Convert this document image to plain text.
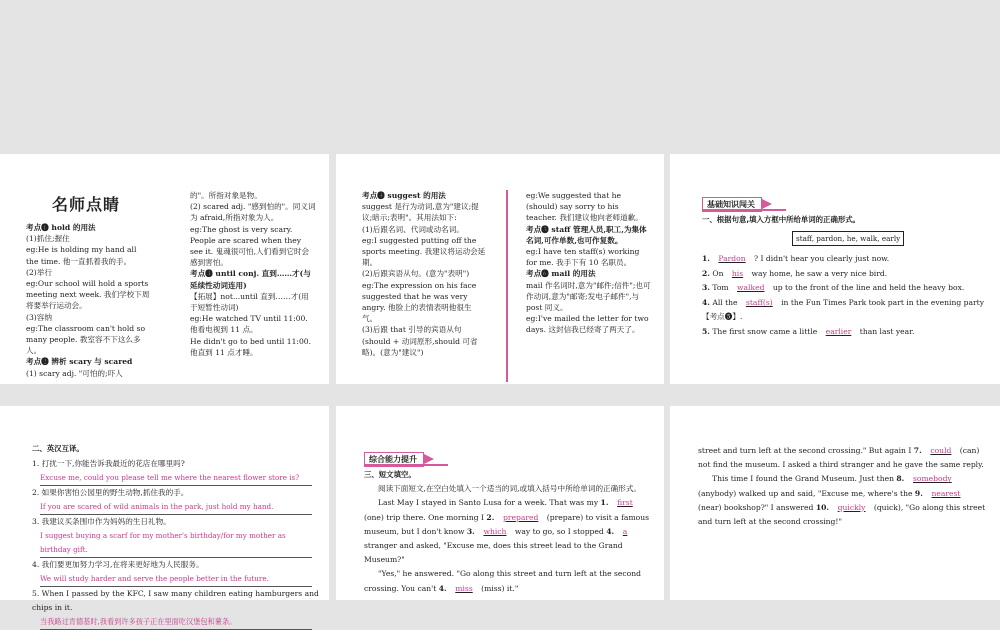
名师点睛

考点❶ hold 的用法

(1)抓住;握住

eg:He is holding my hand all the time. 他一直抓着我的手。

(2)举行

eg:Our school will hold a sports meeting next week. 我们学校下周将要举行运动会。

(3)容纳

eg:The classroom can't hold so many people. 教室容不下这么多人。

考点❷ 辨析 scary 与 scared

(1) scary adj. "可怕的;吓人

的"。所指对象是物。

(2) scared adj. "感到怕的"。同义词为 afraid,所指对象为人。

eg:The ghost is very scary. People are scared when they see it. 鬼魂很可怕,人们看到它时会感到害怕。

考点❸ until conj. 直到……才(与延续性动词连用)

【拓展】not...until 直到……才(用于短暂性动词)

eg:He watched TV until 11:00. 他看电视到 11 点。

He didn't go to bed until 11:00. 他直到 11 点才睡。

考点❹ suggest 的用法

suggest 是行为动词,意为"建议;提议;暗示;表明"。其用法如下:

(1)后跟名词、代词或动名词。

eg:I suggested putting off the sports meeting. 我建议将运动会延期。

(2)后跟宾语从句。(意为"表明")

eg:The expression on his face suggested that he was very angry. 他脸上的表情表明他很生气。

(3)后跟 that 引导的宾语从句(should + 动词原形,should 可省略)。(意为"建议")

eg:We suggested that he (should) say sorry to his teacher. 我们建议他向老师道歉。

考点❺ staff 管理人员,职工,为集体名词,可作单数,也可作复数。

eg:I have ten staff(s) working for me. 我手下有 10 名职员。

考点❻ mail 的用法

mail 作名词时,意为"邮件;信件";也可作动词,意为"邮寄;发电子邮件",与 post 同义。

eg:I've mailed the letter for two days. 这封信我已经寄了两天了。

基础知识闯关

一、根据句意,填入方框中所给单词的正确形式。

staff, pardon, he, walk, early

1. Pardon ? I didn't hear you clearly just now.

2. On his way home, he saw a very nice bird.

3. Tom walked up to the front of the line and held the heavy box.

4. All the staff(s) in the Fun Times Park took part in the evening party【考点❺】.

5. The first snow came a little earlier than last year.

二、英汉互译。

1. 打扰一下,你能告诉我最近的花店在哪里吗?
Excuse me, could you please tell me where the nearest flower store is?
2. 如果你害怕公园里的野生动物,抓住我的手。
If you are scared of wild animals in the park, just hold my hand.
3. 我建议买条围巾作为妈妈的生日礼物。
I suggest buying a scarf for my mother's birthday/for my mother as birthday gift.
4. 我们要更加努力学习,在将来更好地为人民服务。
We will study harder and serve the people better in the future.
5. When I passed by the KFC, I saw many children eating hamburgers and chips in it.
当我路过肯德基时,我看到许多孩子正在里面吃汉堡包和薯条。
综合能力提升

三、短文填空。

阅读下面短文,在空白处填入一个适当的词,或填入括号中所给单词的正确形式。

Last May I stayed in Santo Lusa for a week. That was my 1. first (one) trip there. One morning I 2. prepared (prepare) to visit a famous museum, but I don't know 3. which way to go, so I stopped 4. a stranger and asked, "Excuse me, does this street lead to the Grand Museum?"

"Yes," he answered. "Go along this street and turn left at the second crossing. You can't 4. miss (miss) it."

street and turn left at the second crossing." But again I 7. could (can) not find the museum. I asked a third stranger and he gave the same reply.

This time I found the Grand Museum. Just then 8. somebody (anybody) walked up and said, "Excuse me, where's the 9. nearest (near) bookshop?" I answered 10. quickly (quick), "Go along this street and turn left at the second crossing!"
